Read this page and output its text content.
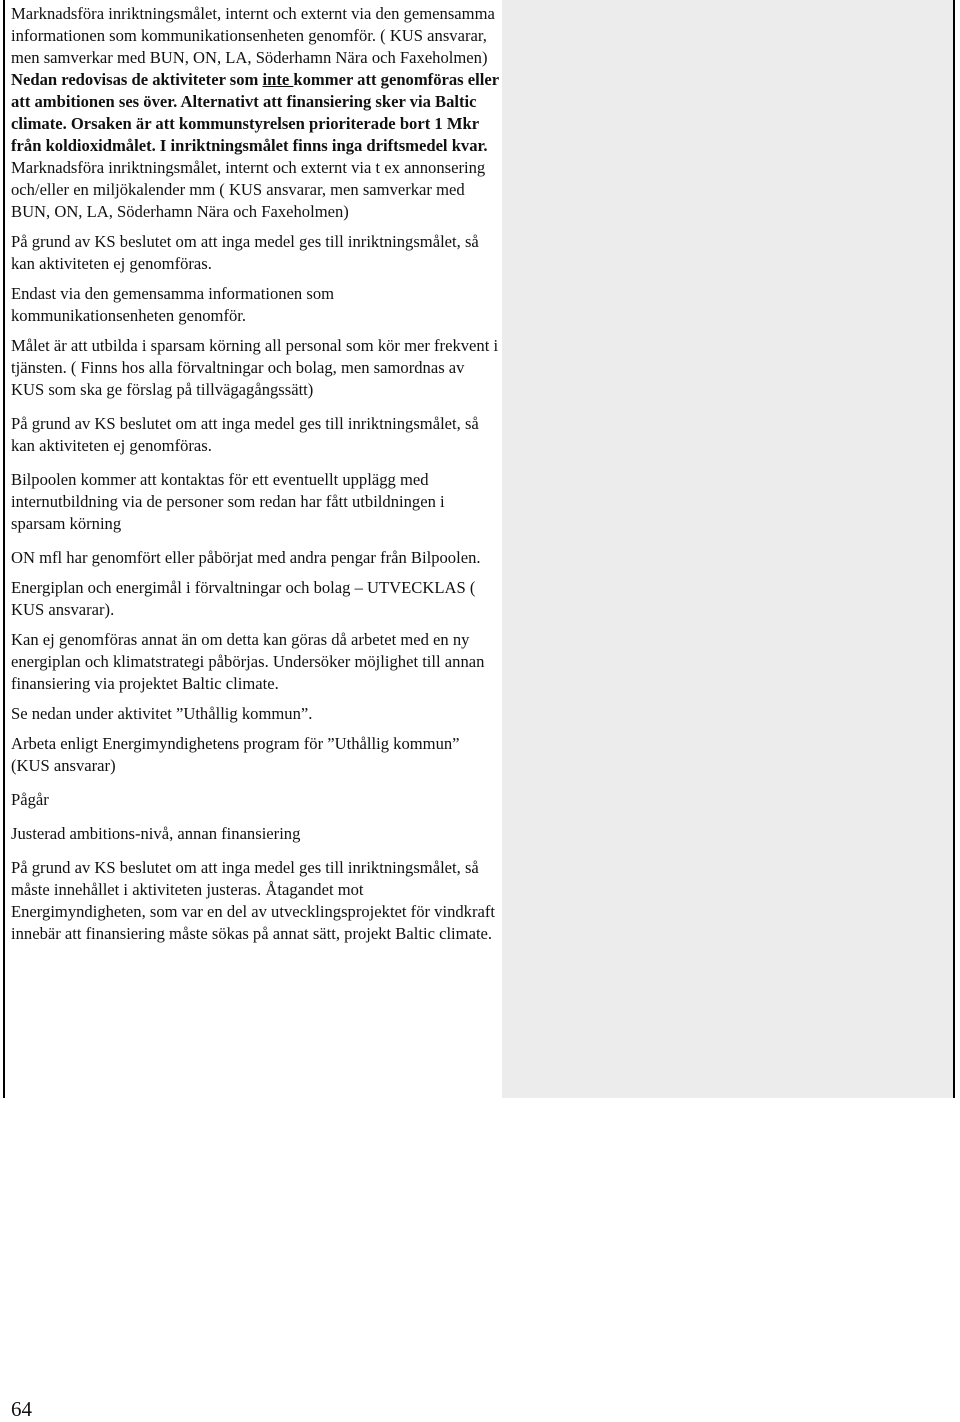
Marknadsföra inriktningsmålet, internt och externt via den gemensamma informationen som kommunikationsenheten genomför. ( KUS ansvarar, men samverkar med BUN, ON, LA, Söderhamn Nära och Faxeholmen)

Nedan redovisas de aktiviteter som inte kommer att genomföras eller att ambitionen ses över. Alternativt att finansiering sker via Baltic climate. Orsaken är att kommunstyrelsen prioriterade bort 1 Mkr från koldioxidmålet. I inriktningsmålet finns inga driftsmedel kvar.

Marknadsföra inriktningsmålet, internt och externt via t ex annonsering och/eller en miljökalender mm ( KUS ansvarar, men samverkar med BUN, ON, LA, Söderhamn Nära och Faxeholmen)

På grund av KS beslutet om att inga medel ges till inriktningsmålet, så kan aktiviteten ej genomföras.

Endast via den gemensamma informationen som kommunikationsenheten genomför.

Målet är att utbilda i sparsam körning all personal som kör mer frekvent i tjänsten. ( Finns hos alla förvaltningar och bolag, men samordnas av KUS som ska ge förslag på tillvägagångssätt)

På grund av KS beslutet om att inga medel ges till inriktningsmålet, så kan aktiviteten ej genomföras.

Bilpoolen kommer att kontaktas för ett eventuellt upplägg med internutbildning via de personer som redan har fått utbildningen i sparsam körning

ON mfl har genomfört eller påbörjat med andra pengar från Bilpoolen.

Energiplan och energimål i förvaltningar och bolag – UTVECKLAS ( KUS ansvarar).

Kan ej genomföras annat än om detta kan göras då arbetet med en ny energiplan och klimatstrategi påbörjas. Undersöker möjlighet till annan finansiering via projektet Baltic climate.

Se nedan under aktivitet ”Uthållig kommun”.

Arbeta enligt Energimyndighetens program för ”Uthållig kommun” (KUS ansvarar)

Pågår

Justerad ambitions-nivå, annan finansiering

På grund av KS beslutet om att inga medel ges till inriktningsmålet, så måste innehållet i aktiviteten justeras. Åtagandet mot Energimyndigheten, som var en del av utvecklingsprojektet för vindkraft innebär att finansiering måste sökas på annat sätt, projekt Baltic climate.

64
